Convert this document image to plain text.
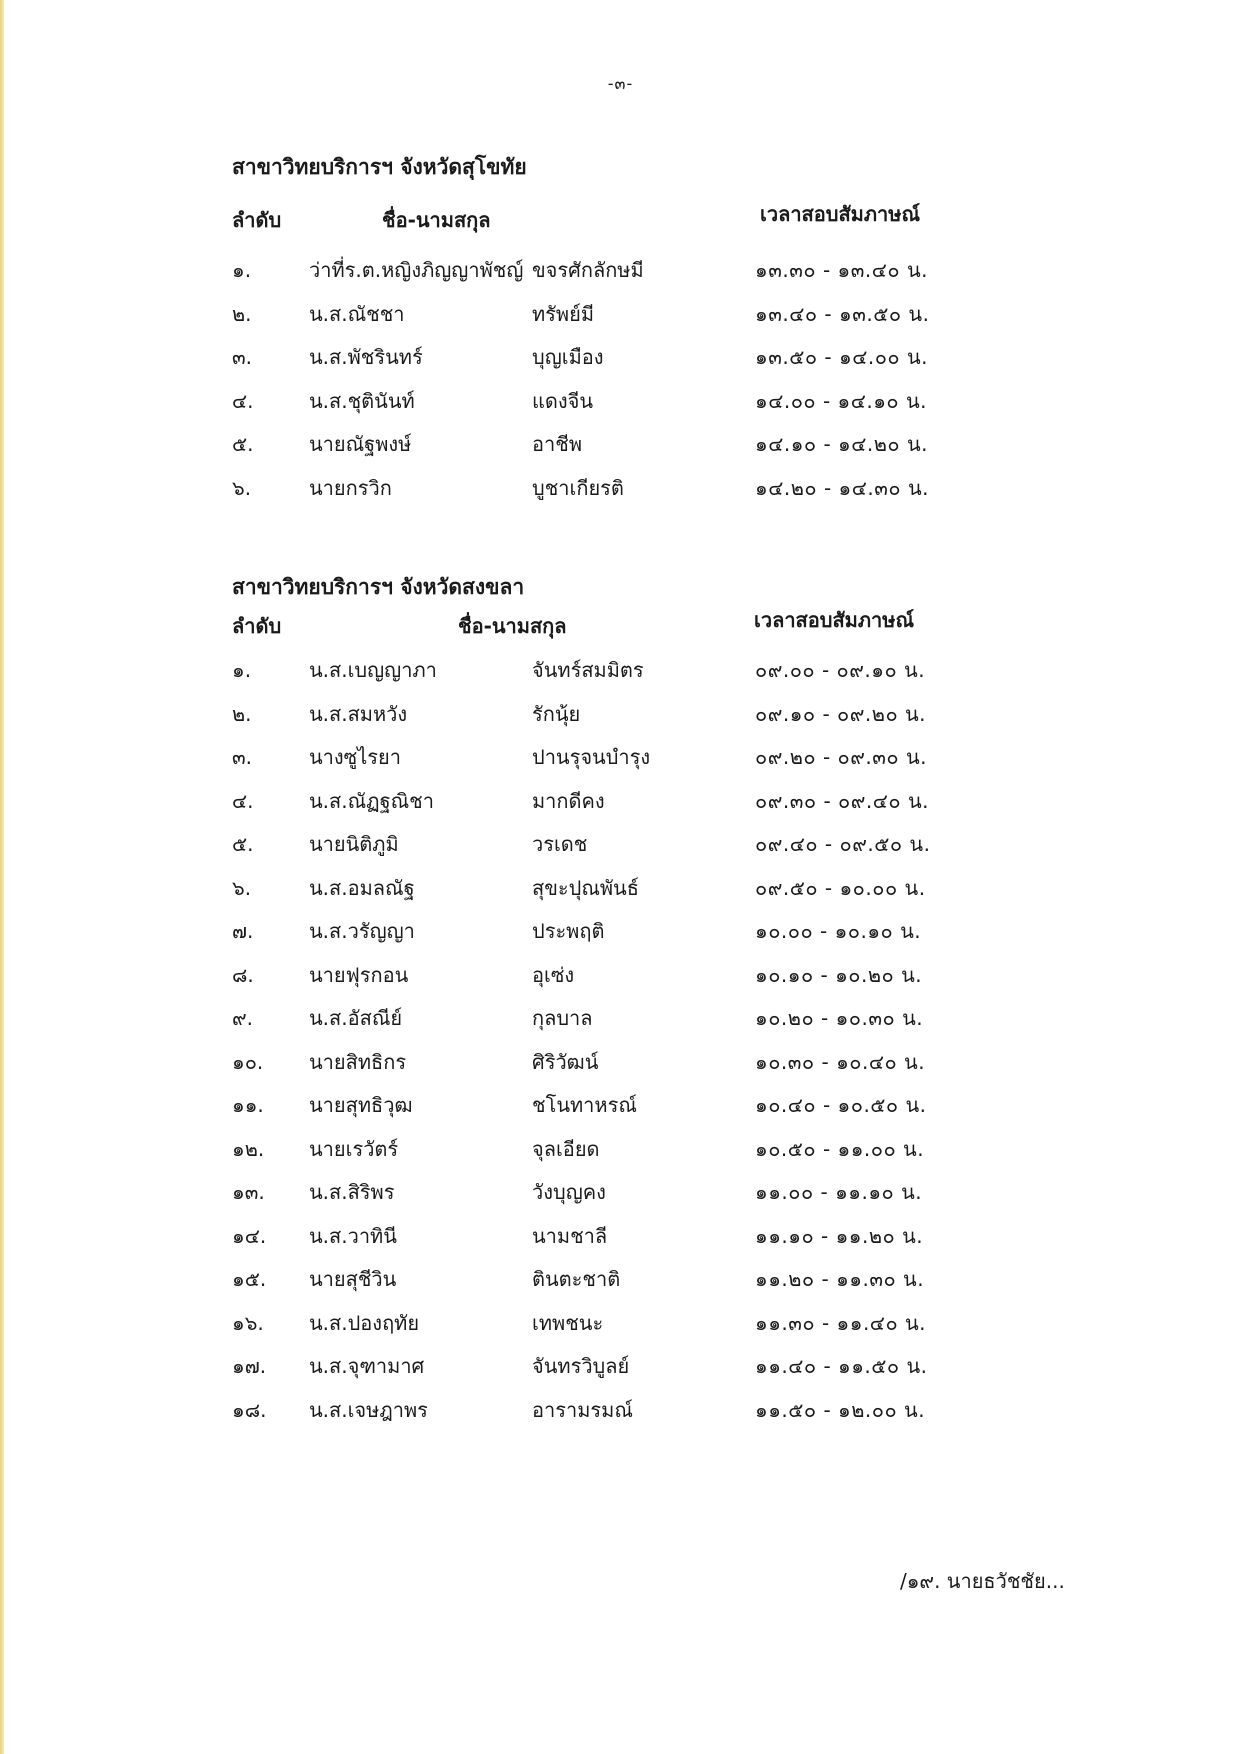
-๓-
สาขาวิทยบริการฯ จังหวัดสุโขทัย
ลำดับ	ชื่อ-นามสกุล	เวลาสอบสัมภาษณ์
๑.	ว่าที่ร.ต.หญิงภิญญาพัชญ์ ขจรศักลักษมี	๑๓.๓๐ - ๑๓.๔๐ น.
๒.	น.ส.ณัชชา	ทรัพย์มี	๑๓.๔๐ - ๑๓.๕๐ น.
๓.	น.ส.พัชรินทร์	บุญเมือง	๑๓.๕๐ - ๑๔.๐๐ น.
๔.	น.ส.ชุตินันท์	แดงจีน	๑๔.๐๐ - ๑๔.๑๐ น.
๕.	นายณัฐพงษ์	อาชีพ	๑๔.๑๐ - ๑๔.๒๐ น.
๖.	นายกรวิก	บูชาเกียรติ	๑๔.๒๐ - ๑๔.๓๐ น.
สาขาวิทยบริการฯ จังหวัดสงขลา
ลำดับ	ชื่อ-นามสกุล	เวลาสอบสัมภาษณ์
๑.	น.ส.เบญญาภา	จันทร์สมมิตร	๐๙.๐๐ - ๐๙.๑๐ น.
๒.	น.ส.สมหวัง	รักนุ้ย	๐๙.๑๐ - ๐๙.๒๐ น.
๓.	นางซูไรยา	ปานรุจนบำรุง	๐๙.๒๐ - ๐๙.๓๐ น.
๔.	น.ส.ณัฏฐณิชา	มากดีคง	๐๙.๓๐ - ๐๙.๔๐ น.
๕.	นายนิติภูมิ	วรเดช	๐๙.๔๐ - ๐๙.๕๐ น.
๖.	น.ส.อมลณัฐ	สุขะปุณพันธ์	๐๙.๕๐ - ๑๐.๐๐ น.
๗.	น.ส.วรัญญา	ประพฤติ	๑๐.๐๐ - ๑๐.๑๐ น.
๘.	นายฟุรกอน	อุเซ่ง	๑๐.๑๐ - ๑๐.๒๐ น.
๙.	น.ส.อัสณีย์	กุลบาล	๑๐.๒๐ - ๑๐.๓๐ น.
๑๐. นายสิทธิกร	ศิริวัฒน์	๑๐.๓๐ - ๑๐.๔๐ น.
๑๑. นายสุทธิวุฒ	ชโนทาหรณ์	๑๐.๔๐ - ๑๐.๕๐ น.
๑๒. นายเรวัตร์	จุลเอียด	๑๐.๕๐ - ๑๑.๐๐ น.
๑๓. น.ส.สิริพร	วังบุญคง	๑๑.๐๐ - ๑๑.๑๐ น.
๑๔. น.ส.วาทินี	นามชาลี	๑๑.๑๐ - ๑๑.๒๐ น.
๑๕. นายสุชีวิน	ตินตะชาติ	๑๑.๒๐ - ๑๑.๓๐ น.
๑๖. น.ส.ปองฤทัย	เทพชนะ	๑๑.๓๐ - ๑๑.๔๐ น.
๑๗. น.ส.จุฑามาศ	จันทรวิบูลย์	๑๑.๔๐ - ๑๑.๕๐ น.
๑๘. น.ส.เจษฎาพร	อารามรมณ์	๑๑.๕๐ - ๑๒.๐๐ น.
/๑๙. นายธวัชชัย...
